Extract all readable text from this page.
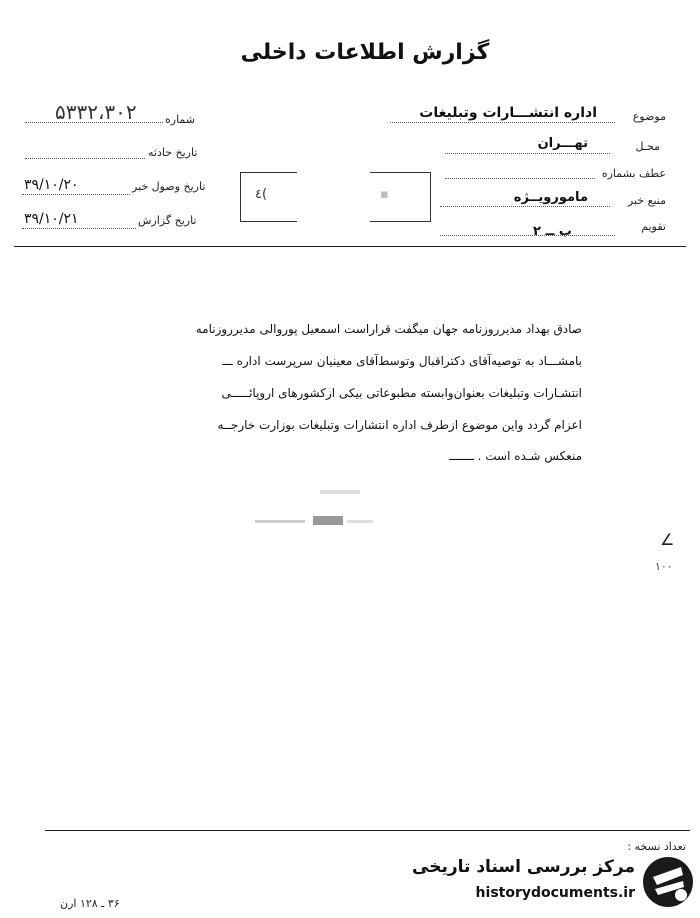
گزارش اطلاعات داخلی
شماره
۵۳۳۲،۳۰۲
تاریخ حادثه
تاریخ وصول خبر
۳۹/۱۰/۲۰
تاریخ گزارش
۳۹/۱۰/۲۱
٤(	▪
موضوع
اداره انتشـــارات وتبلیغات
محـل
تهـــران
عطف بشماره
منبع خبر
مامورویــژه
تقویم
ب ــ ۲
صادق بهداد مدیرروزنامه جهان میگفت قراراست اسمعیل پوروالی مدیرروزنامه
بامشـــاد به توصیه‌آقای دکتراقبال وتوسط‌آقای معینیان سرپرست اداره ـــ
انتشـارات وتبلیغات بعنوان‌وابسته مطبوعاتی بیکی ازکشورهای اروپائـــــی
اعزام گردد واین موضوع ازطرف اداره انتشارات وتبلیغات بوزارت خارجــه
منعکس شـده است . ـــــــ
∠
١٠٠
تعداد نسخه :
۳۶ ـ ۱۲۸ ارن
مرکز بررسی اسناد تاریخی
historydocuments.ir
